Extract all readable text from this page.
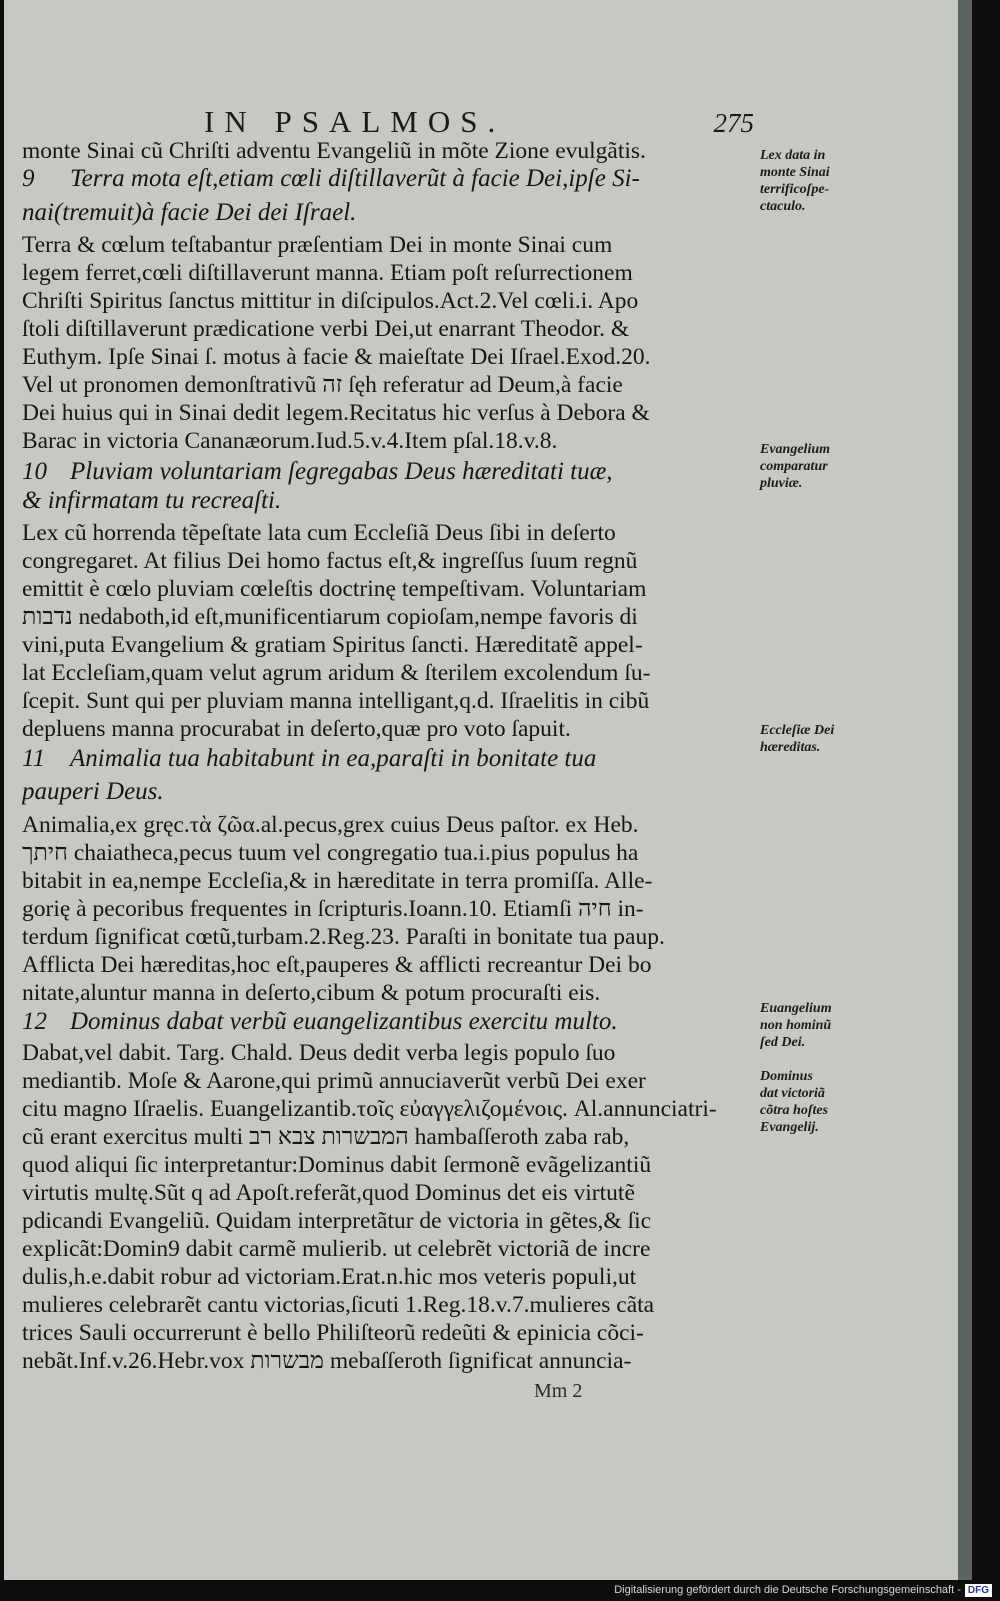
IN PSALMOS.	275
monte Sinai cũ Chriſti adventu Evangeliũ in mõte Zione evulgãtis.
9 Terra mota eſt,etiam cœli diſtillaverũt à facie Dei,ipſe Si-
nai(tremuit)à facie Dei dei Iſrael.
Terra & cœlum teſtabantur præſentiam Dei in monte Sinai cum
legem ferret,cœli diſtillaverunt manna. Etiam poſt reſurrectionem
Chriſti Spiritus ſanctus mittitur in diſcipulos.Act.2.Vel cœli.i. Apo
ſtoli diſtillaverunt prædicatione verbi Dei,ut enarrant Theodor. &
Euthym. Ipſe Sinai ſ. motus à facie & maieſtate Dei Iſrael.Exod.20.
Vel ut pronomen demonſtrativũ זה ſęh referatur ad Deum,à facie
Dei huius qui in Sinai dedit legem.Recitatus hic verſus à Debora &
Barac in victoria Cananæorum.Iud.5.v.4.Item pſal.18.v.8.
10 Pluviam voluntariam ſegregabas Deus hæreditati tuæ,
& infirmatam tu recreaſti.
Lex cũ horrenda tẽpeſtate lata cum Eccleſiã Deus ſibi in deſerto
congregaret. At filius Dei homo factus eſt,& ingreſſus ſuum regnũ
emittit è cœlo pluviam cœleſtis doctrinę tempeſtivam. Voluntariam
נדבות nedaboth,id eſt,munificentiarum copioſam,nempe favoris di
vini,puta Evangelium & gratiam Spiritus ſancti. Hæreditatẽ appel-
lat Eccleſiam,quam velut agrum aridum & ſterilem excolendum ſu-
ſcepit. Sunt qui per pluviam manna intelligant,q.d. Iſraelitis in cibũ
depluens manna procurabat in deſerto,quæ pro voto ſapuit.
11 Animalia tua habitabunt in ea,paraſti in bonitate tua
pauperi Deus.
Animalia,ex gręc.τὰ ζῶα.al.pecus,grex cuius Deus paſtor. ex Heb.
חיתך chaiatheca,pecus tuum vel congregatio tua.i.pius populus ha
bitabit in ea,nempe Eccleſia,& in hæreditate in terra promiſſa. Alle-
gorię à pecoribus frequentes in ſcripturis.Ioann.10. Etiamſi חיה in-
terdum ſignificat cœtũ,turbam.2.Reg.23. Paraſti in bonitate tua paup.
Afflicta Dei hæreditas,hoc eſt,pauperes & afflicti recreantur Dei bo
nitate,aluntur manna in deſerto,cibum & potum procuraſti eis.
12 Dominus dabat verbũ euangelizantibus exercitu multo.
Dabat,vel dabit. Targ. Chald. Deus dedit verba legis populo ſuo
mediantib. Moſe & Aarone,qui primũ annuciaverũt verbũ Dei exer
citu magno Iſraelis. Euangelizantib.τοῖς εὐαγγελιζομένοις. Al.annunciatri-
cũ erant exercitus multi המבשרות צבא רב hambaſſeroth zaba rab,
quod aliqui ſic interpretantur:Dominus dabit ſermonẽ evãgelizantiũ
virtutis multę.Sũt q ad Apoſt.referãt,quod Dominus det eis virtutẽ
pdicandi Evangeliũ. Quidam interpretãtur de victoria in gẽtes,& ſic
explicãt:Domin9 dabit carmẽ mulierib. ut celebrẽt victoriã de incre
dulis,h.e.dabit robur ad victoriam.Erat.n.hic mos veteris populi,ut
mulieres celebrarẽt cantu victorias,ſicuti 1.Reg.18.v.7.mulieres cãta
trices Sauli occurrerunt è bello Philiſteorũ redeũti & epinicia cõci-
nebãt.Inf.v.26.Hebr.vox מבשרות mebaſſeroth ſignificat annuncia-
Lex data in
monte Sinai
terrificoſpe-
ctaculo.
Evangelium
comparatur
pluviæ.
Eccleſiæ Dei
hæreditas.
Euangelium
non hominũ
ſed Dei.
Dominus
dat victoriã
cõtra hoſtes
Evangelij.
Mm 2
Digitalisierung gefördert durch die Deutsche Forschungsgemeinschaft - DFG
